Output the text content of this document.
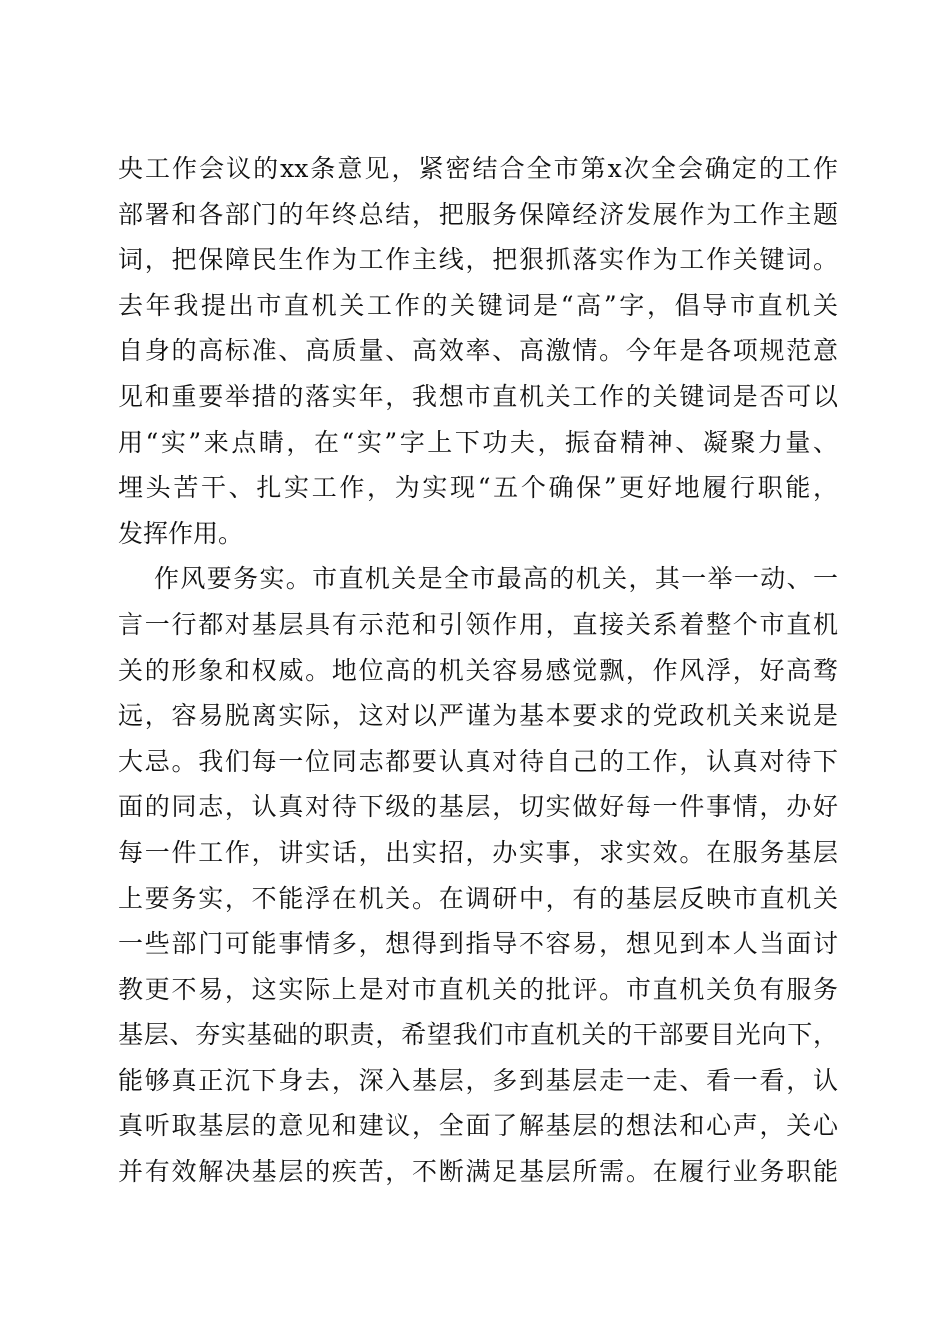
央工作会议的xx条意见，紧密结合全市第x次全会确定的工作
部署和各部门的年终总结，把服务保障经济发展作为工作主题
词，把保障民生作为工作主线，把狠抓落实作为工作关键词。
去年我提出市直机关工作的关键词是“高”字，倡导市直机关
自身的高标准、高质量、高效率、高激情。今年是各项规范意
见和重要举措的落实年，我想市直机关工作的关键词是否可以
用“实”来点睛，在“实”字上下功夫，振奋精神、凝聚力量、
埋头苦干、扎实工作，为实现“五个确保”更好地履行职能，
发挥作用。
作风要务实。市直机关是全市最高的机关，其一举一动、一
言一行都对基层具有示范和引领作用，直接关系着整个市直机
关的形象和权威。地位高的机关容易感觉飘，作风浮，好高骛
远，容易脱离实际，这对以严谨为基本要求的党政机关来说是
大忌。我们每一位同志都要认真对待自己的工作，认真对待下
面的同志，认真对待下级的基层，切实做好每一件事情，办好
每一件工作，讲实话，出实招，办实事，求实效。在服务基层
上要务实，不能浮在机关。在调研中，有的基层反映市直机关
一些部门可能事情多，想得到指导不容易，想见到本人当面讨
教更不易，这实际上是对市直机关的批评。市直机关负有服务
基层、夯实基础的职责，希望我们市直机关的干部要目光向下，
能够真正沉下身去，深入基层，多到基层走一走、看一看，认
真听取基层的意见和建议，全面了解基层的想法和心声，关心
并有效解决基层的疾苦，不断满足基层所需。在履行业务职能
